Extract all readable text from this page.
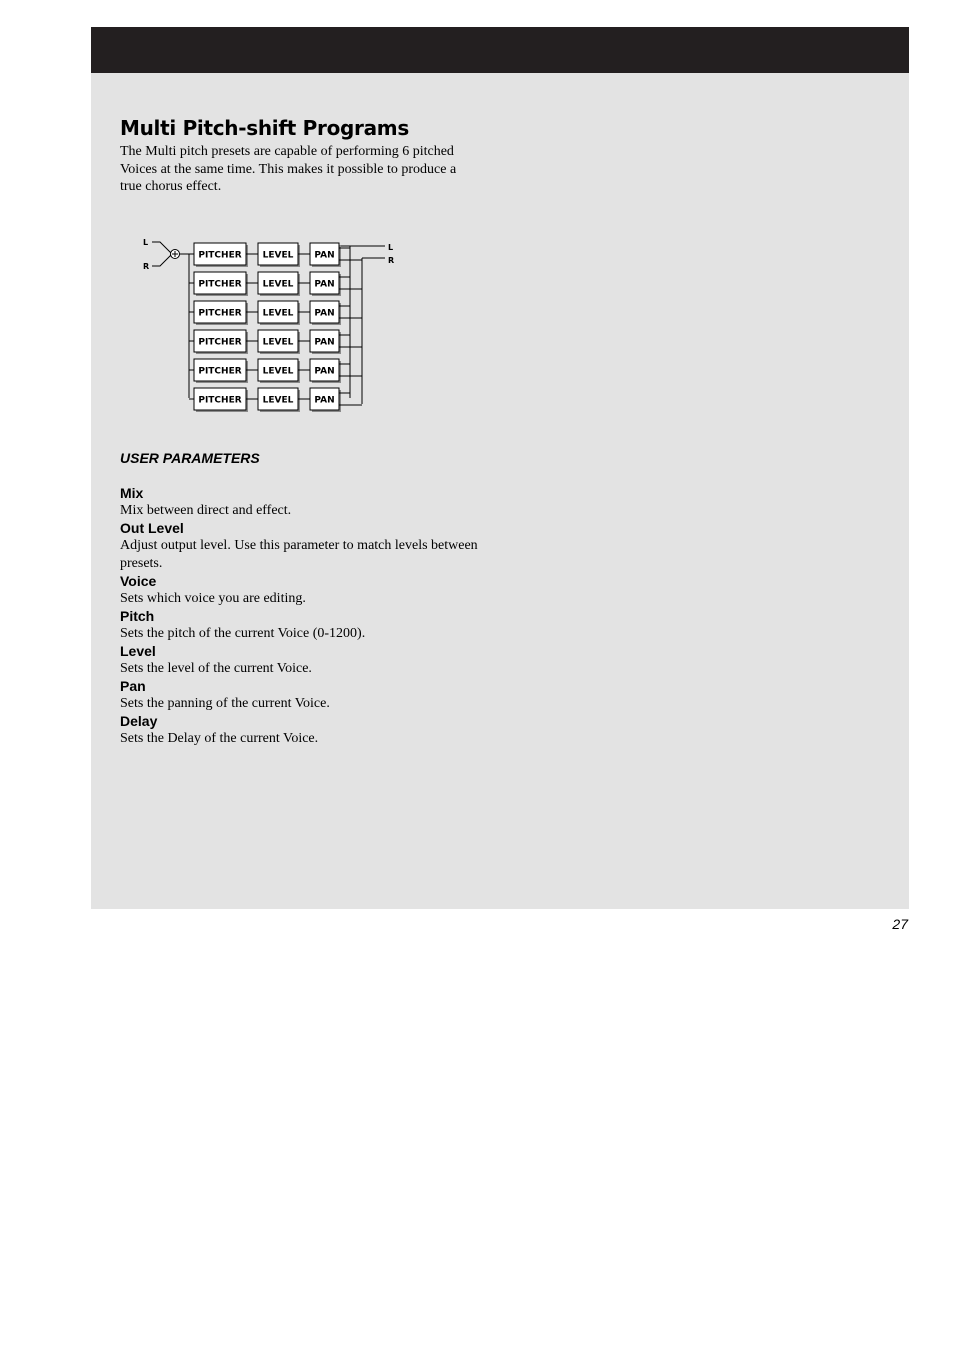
Multi Pitch-shift Programs

The Multi pitch presets are capable of performing 6 pitched Voices at the same time. This makes it possible to produce a true chorus effect.

L
R
L
R
PITCHER LEVEL PAN
PITCHER LEVEL PAN
PITCHER LEVEL PAN
PITCHER LEVEL PAN
PITCHER LEVEL PAN
PITCHER LEVEL PAN
USER PARAMETERS
Mix
Mix between direct and effect.
Out Level
Adjust output level. Use this parameter to match levels between presets.
Voice
Sets which voice you are editing.
Pitch
Sets the pitch of the current Voice (0-1200).
Level
Sets the level of the current Voice.
Pan
Sets the panning of the current Voice.
Delay
Sets the Delay of the current Voice.
27
